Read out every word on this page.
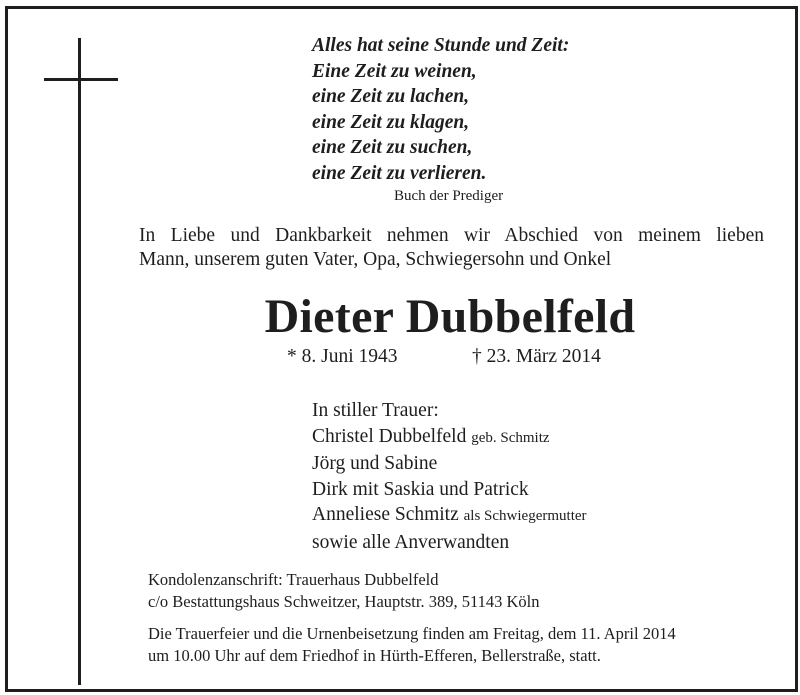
Alles hat seine Stunde und Zeit:
Eine Zeit zu weinen,
eine Zeit zu lachen,
eine Zeit zu klagen,
eine Zeit zu suchen,
eine Zeit zu verlieren.
Buch der Prediger
In Liebe und Dankbarkeit nehmen wir Abschied von meinem lieben
Mann, unserem guten Vater, Opa, Schwiegersohn und Onkel
Dieter Dubbelfeld
* 8. Juni 1943	† 23. März 2014
In stiller Trauer:
Christel Dubbelfeld geb. Schmitz
Jörg und Sabine
Dirk mit Saskia und Patrick
Anneliese Schmitz als Schwiegermutter
sowie alle Anverwandten
Kondolenzanschrift: Trauerhaus Dubbelfeld
c/o Bestattungshaus Schweitzer, Hauptstr. 389, 51143 Köln
Die Trauerfeier und die Urnenbeisetzung finden am Freitag, dem 11. April 2014
um 10.00 Uhr auf dem Friedhof in Hürth-Efferen, Bellerstraße, statt.
